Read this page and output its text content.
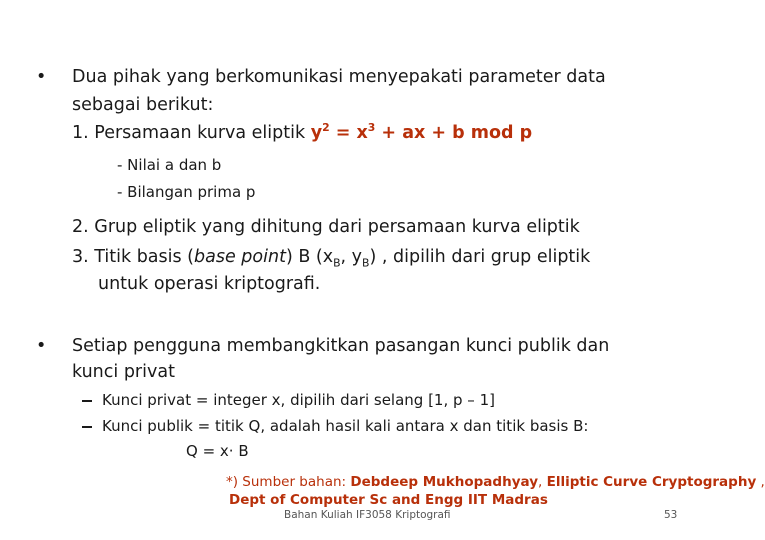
• Dua pihak yang berkomunikasi menyepakati parameter data
sebagai berikut:
1. Persamaan kurva eliptik $y^2 = x^3$ + ax + b mod p
- Nilai a dan b
- Bilangan prima p
2. Grup eliptik yang dihitung dari persamaan kurva eliptik
3. Titik basis (base point) B ($x_B$, $y_B$) , dipilih dari grup eliptik
untuk operasi kriptografi.
• Setiap pengguna membangkitkan pasangan kunci publik dan
kunci privat
Kunci privat = integer x, dipilih dari selang [1, p – 1]
Kunci publik = titik Q, adalah hasil kali antara x dan titik basis B:
Q = x· B
*) Sumber bahan: Debdeep Mukhopadhyay, Elliptic Curve Cryptography ,
Dept of Computer Sc and Engg IIT Madras
Bahan Kuliah IF3058 Kriptografi	53
